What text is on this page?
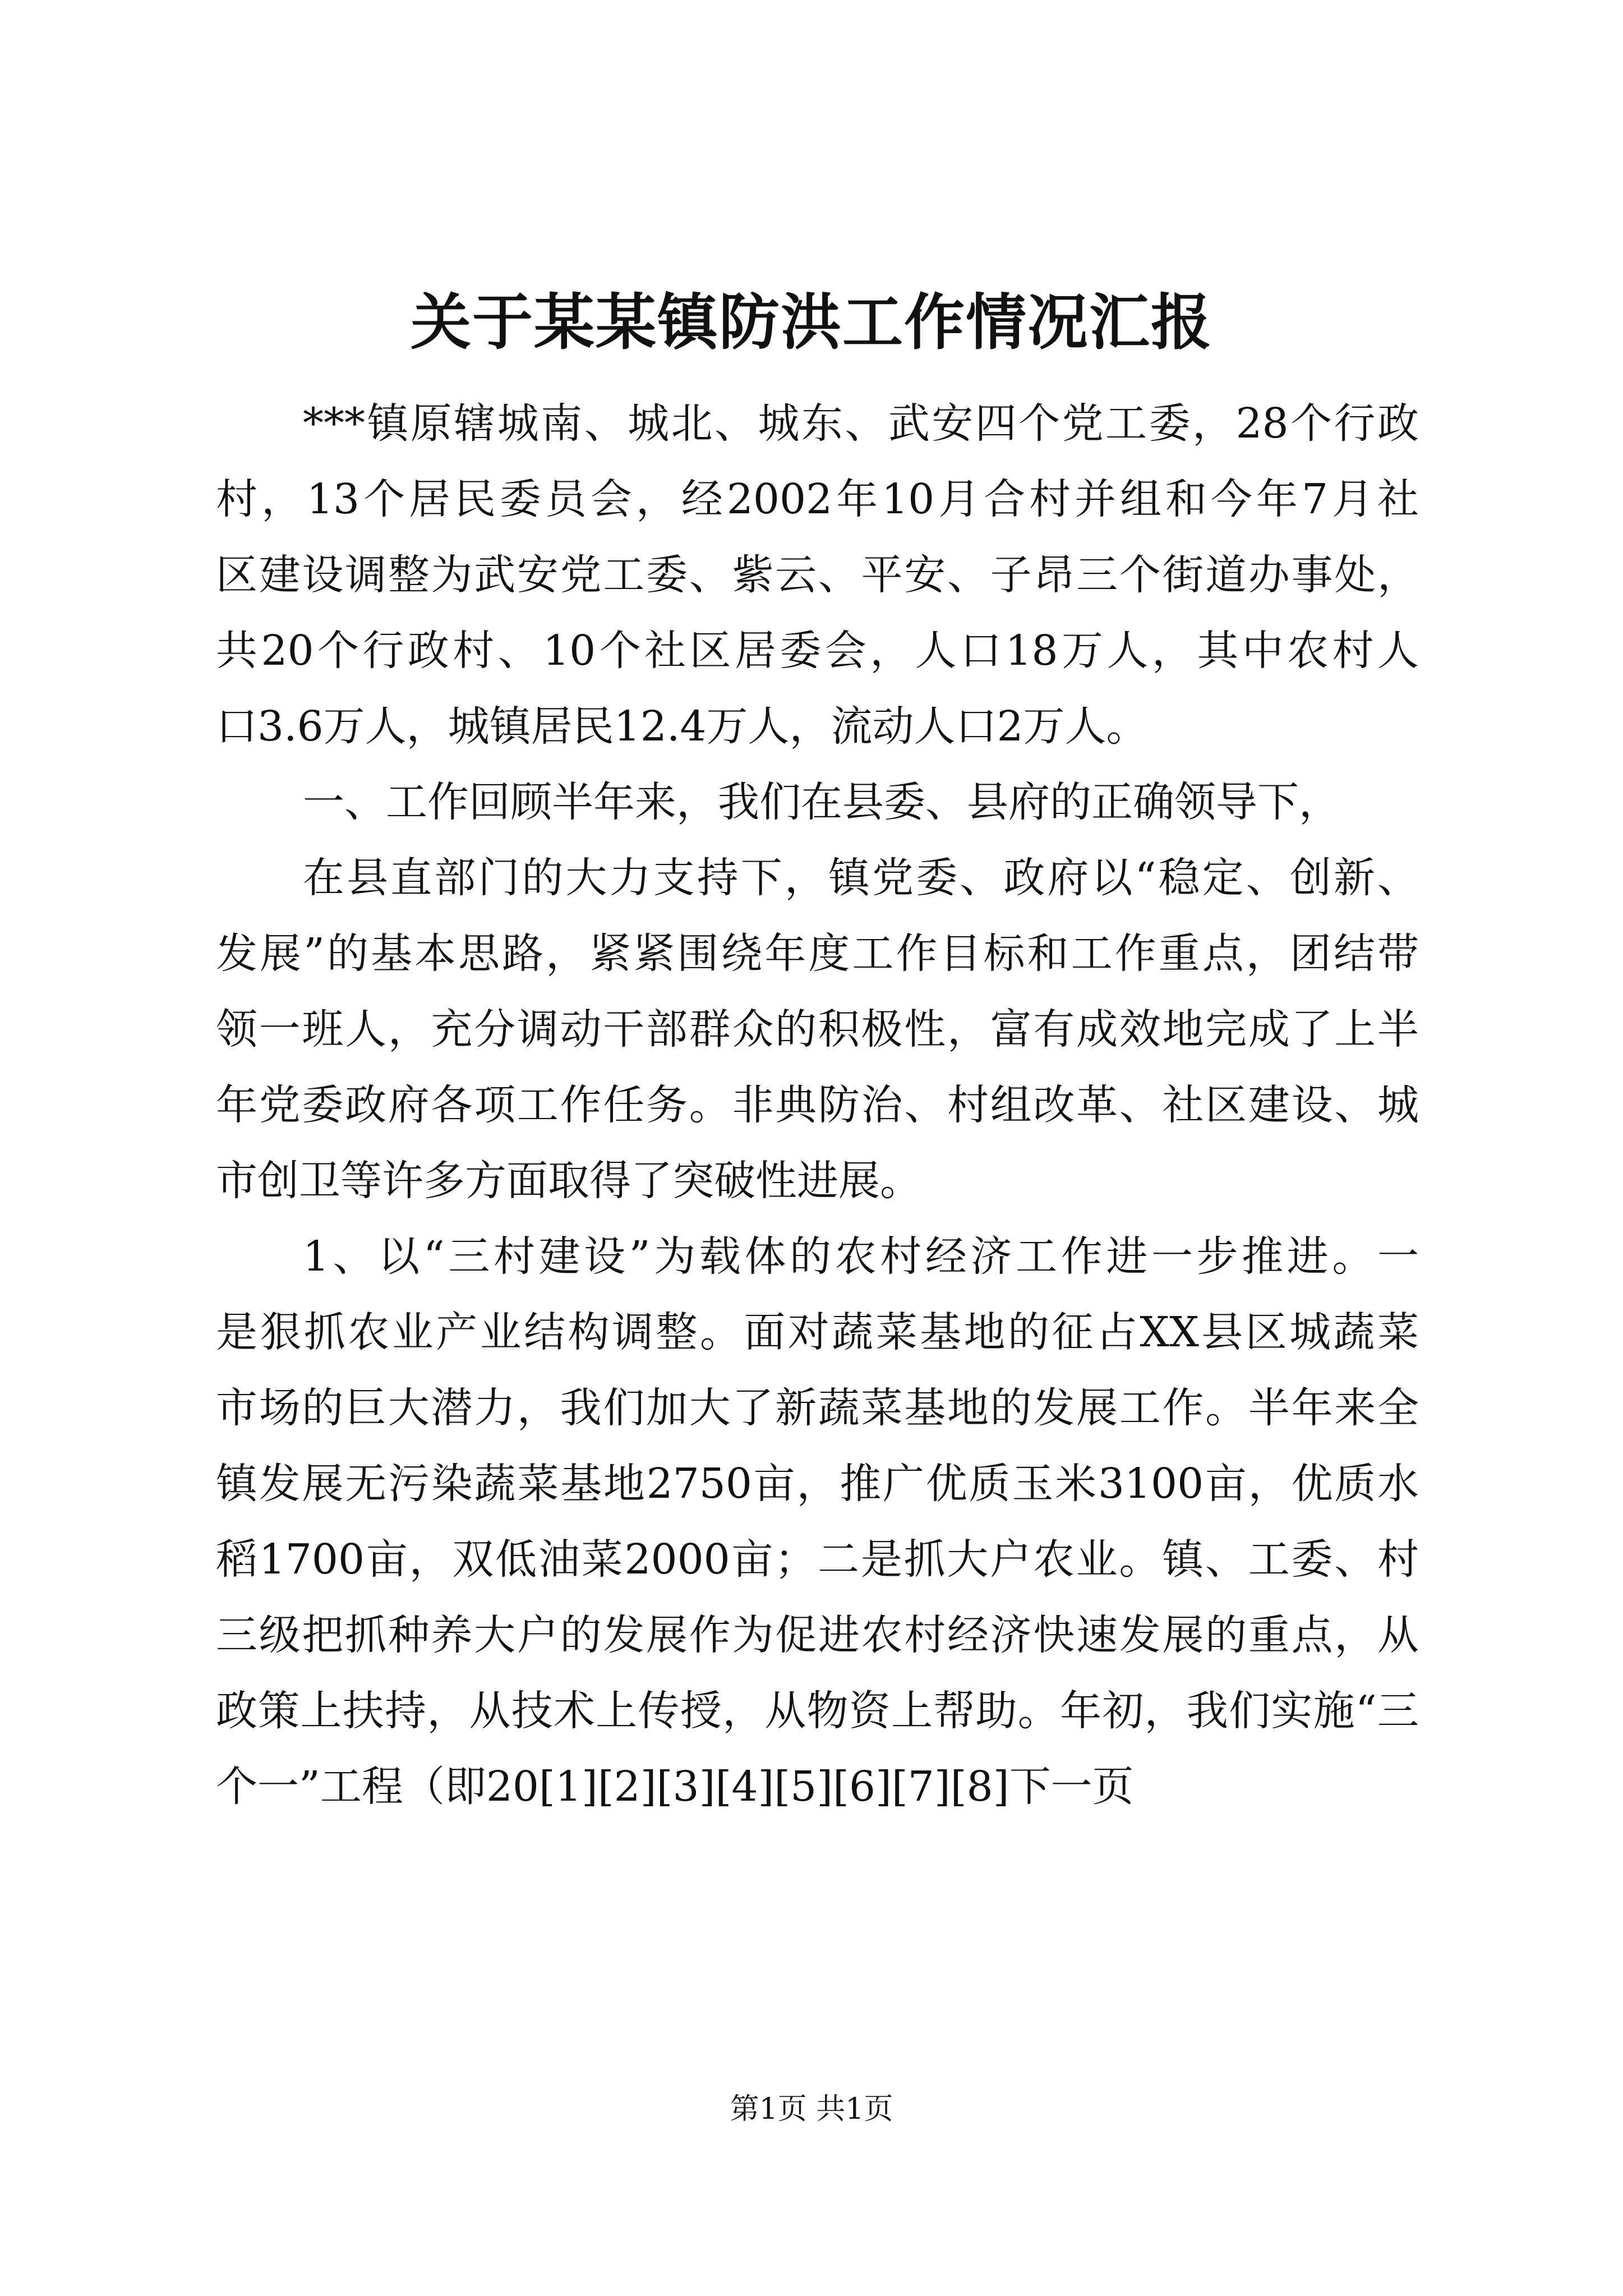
关于某某镇防洪工作情况汇报
***镇原辖城南、城北、城东、武安四个党工委，28个行政
村，13个居民委员会，经2002年10月合村并组和今年7月社
区建设调整为武安党工委、紫云、平安、子昂三个街道办事处，
共20个行政村、10个社区居委会，人口18万人，其中农村人
口3.6万人，城镇居民12.4万人，流动人口2万人。
一、工作回顾半年来，我们在县委、县府的正确领导下，
在县直部门的大力支持下，镇党委、政府以“稳定、创新、
发展”的基本思路，紧紧围绕年度工作目标和工作重点，团结带
领一班人，充分调动干部群众的积极性，富有成效地完成了上半
年党委政府各项工作任务。非典防治、村组改革、社区建设、城
市创卫等许多方面取得了突破性进展。
1、以“三村建设”为载体的农村经济工作进一步推进。一
是狠抓农业产业结构调整。面对蔬菜基地的征占XX县区城蔬菜
市场的巨大潜力，我们加大了新蔬菜基地的发展工作。半年来全
镇发展无污染蔬菜基地2750亩，推广优质玉米3100亩，优质水
稻1700亩，双低油菜2000亩；二是抓大户农业。镇、工委、村
三级把抓种养大户的发展作为促进农村经济快速发展的重点，从
政策上扶持，从技术上传授，从物资上帮助。年初，我们实施“三
个一”工程（即20[1][2][3][4][5][6][7][8]下一页
第1页 共1页
